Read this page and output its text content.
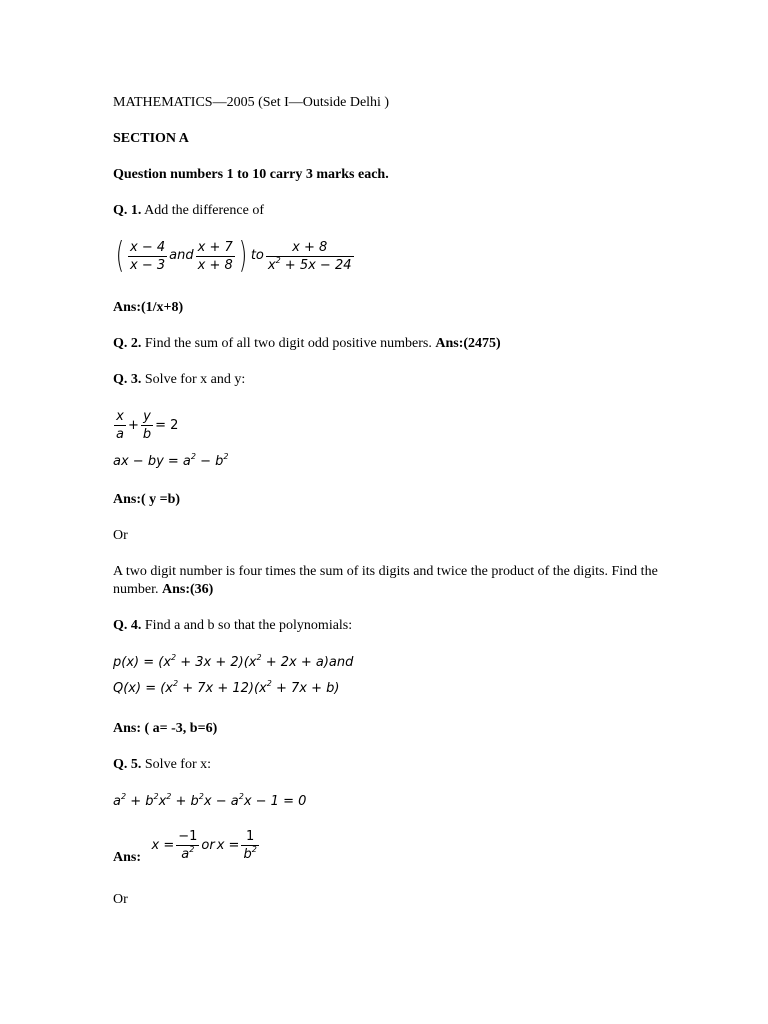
MATHEMATICS—2005 (Set I—Outside Delhi )
SECTION A
Question numbers 1 to 10 carry 3 marks each.
Q. 1. Add the difference of
( $\frac{x - 4}{x - 3}$ and $\frac{x + 7}{x + 8}$ ) to $\frac{x + 8}{x^2 + 5x - 24}$
Ans:(1/x+8)
Q. 2. Find the sum of all two digit odd positive numbers. Ans:(2475)
Q. 3. Solve for x and y:
$\frac{x}{a} + \frac{y}{b} = 2$
ax − by = $a^2 - b^2$
Ans:( y =b)
Or
A two digit number is four times the sum of its digits and twice the product of the digits. Find the number. Ans:(36)
Q. 4. Find a and b so that the polynomials:
$p(x) = (x^2 + 3x + 2)(x^2 + 2x + a)and$
$Q(x) = (x^2 + 7x + 12)(x^2 + 7x + b)$
Ans: ( a= -3, b=6)
Q. 5. Solve for x:
$a^2 + b^2x^2 + b^2x - a^2x - 1 = 0$
Ans: $x = \frac{-1}{a^2}$ or $x = \frac{1}{b^2}$
Or
